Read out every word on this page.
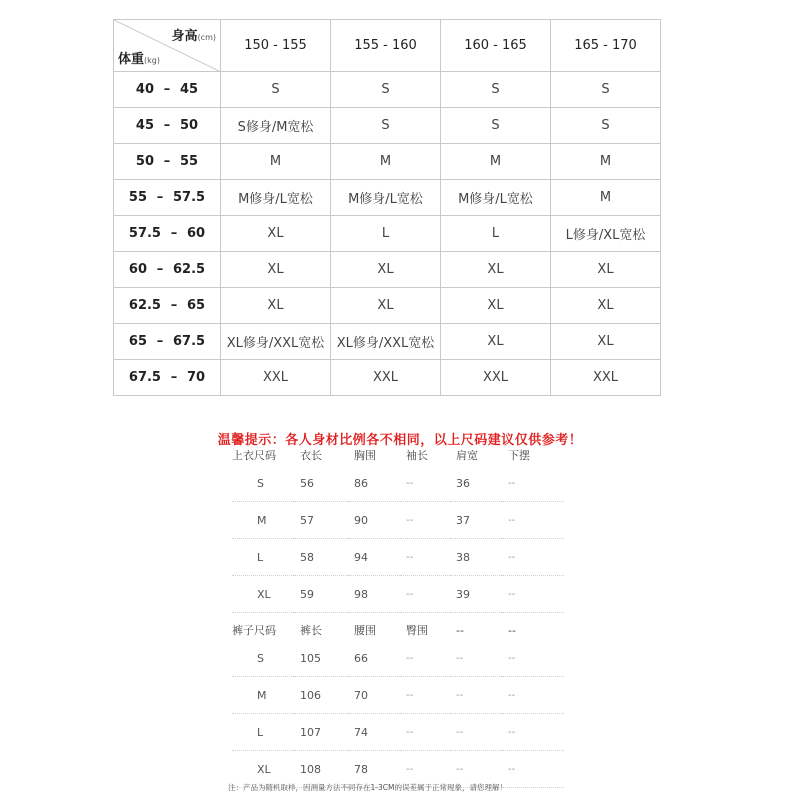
身高(cm)
体重(kg)	150 - 155	155 - 160	160 - 165	165 - 170
40 – 45	S	S	S	S
45 – 50	S修身/M宽松	S	S	S
50 – 55	M	M	M	M
55 – 57.5	M修身/L宽松	M修身/L宽松	M修身/L宽松	M
57.5 – 60	XL	L	L	L修身/XL宽松
60 – 62.5	XL	XL	XL	XL
62.5 – 65	XL	XL	XL	XL
65 – 67.5	XL修身/XXL宽松	XL修身/XXL宽松	XL	XL
67.5 – 70	XXL	XXL	XXL	XXL
温馨提示：各人身材比例各不相同，以上尺码建议仅供参考！
上衣尺码	衣长	胸围	袖长	肩宽	下摆
S	56	86	--	36	--
M	57	90	--	37	--
L	58	94	--	38	--
XL	59	98	--	39	--
裤子尺码	裤长	腰围	臀围	--	--
S	105	66	--	--	--
M	106	70	--	--	--
L	107	74	--	--	--
XL	108	78	--	--	--
注：产品为随机取样，因测量方法不同存在1-3CM的误差属于正常现象，请您理解！
